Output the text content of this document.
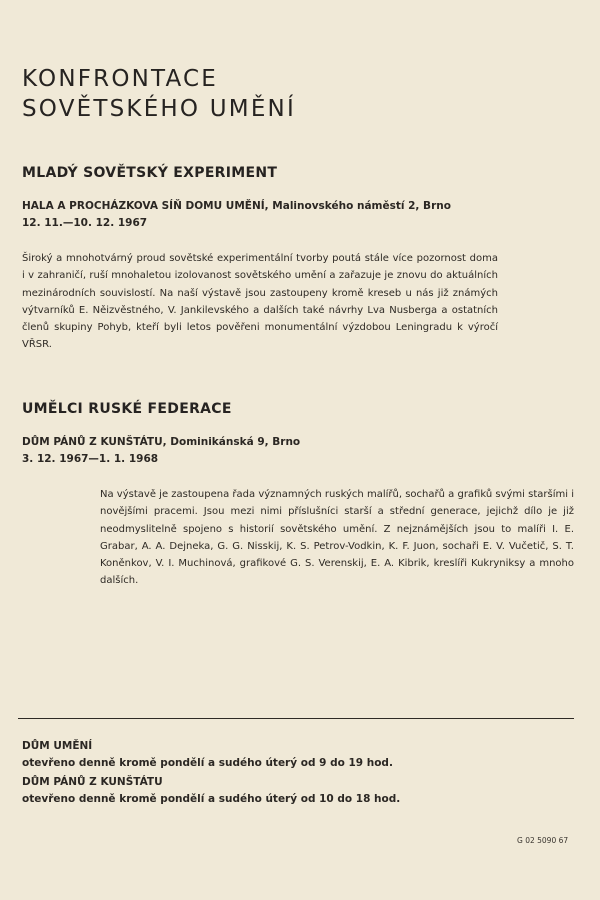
KONFRONTACE
SOVĚTSKÉHO UMĚNÍ
MLADÝ SOVĚTSKÝ EXPERIMENT
HALA A PROCHÁZKOVA SÍŇ DOMU UMĚNÍ, Malinovského náměstí 2, Brno
12. 11.—10. 12. 1967
Široký a mnohotvárný proud sovětské experimentální tvorby poutá stále více pozornost doma i v zahraničí, ruší mnohaletou izolovanost sovětského umění a zařazuje je znovu do aktuálních mezinárodních souvislostí. Na naší výstavě jsou zastoupeny kromě kreseb u nás již známých výtvarníků E. Něizvěstného, V. Jankilevského a dalších také návrhy Lva Nusberga a ostatních členů skupiny Pohyb, kteří byli letos pověřeni monumentální výzdobou Leningradu k výročí VŘSR.
UMĚLCI RUSKÉ FEDERACE
DŮM PÁNŮ Z KUNŠTÁTU, Dominikánská 9, Brno
3. 12. 1967—1. 1. 1968
Na výstavě je zastoupena řada významných ruských malířů, sochařů a grafiků svými staršími i novějšími pracemi. Jsou mezi nimi příslušníci starší a střední generace, jejichž dílo je již neodmyslitelně spojeno s historií sovětského umění. Z nejznámějších jsou to malíři I. E. Grabar, A. A. Dejneka, G. G. Nisskij, K. S. Petrov-Vodkin, K. F. Juon, sochaři E. V. Vučetič, S. T. Koněnkov, V. I. Muchinová, grafikové G. S. Verenskij, E. A. Kibrik, kreslíři Kukryniksy a mnoho dalších.
DŮM UMĚNÍ
otevřeno denně kromě pondělí a sudého úterý od 9 do 19 hod.
DŮM PÁNŮ Z KUNŠTÁTU
otevřeno denně kromě pondělí a sudého úterý od 10 do 18 hod.
G 02 5090 67
